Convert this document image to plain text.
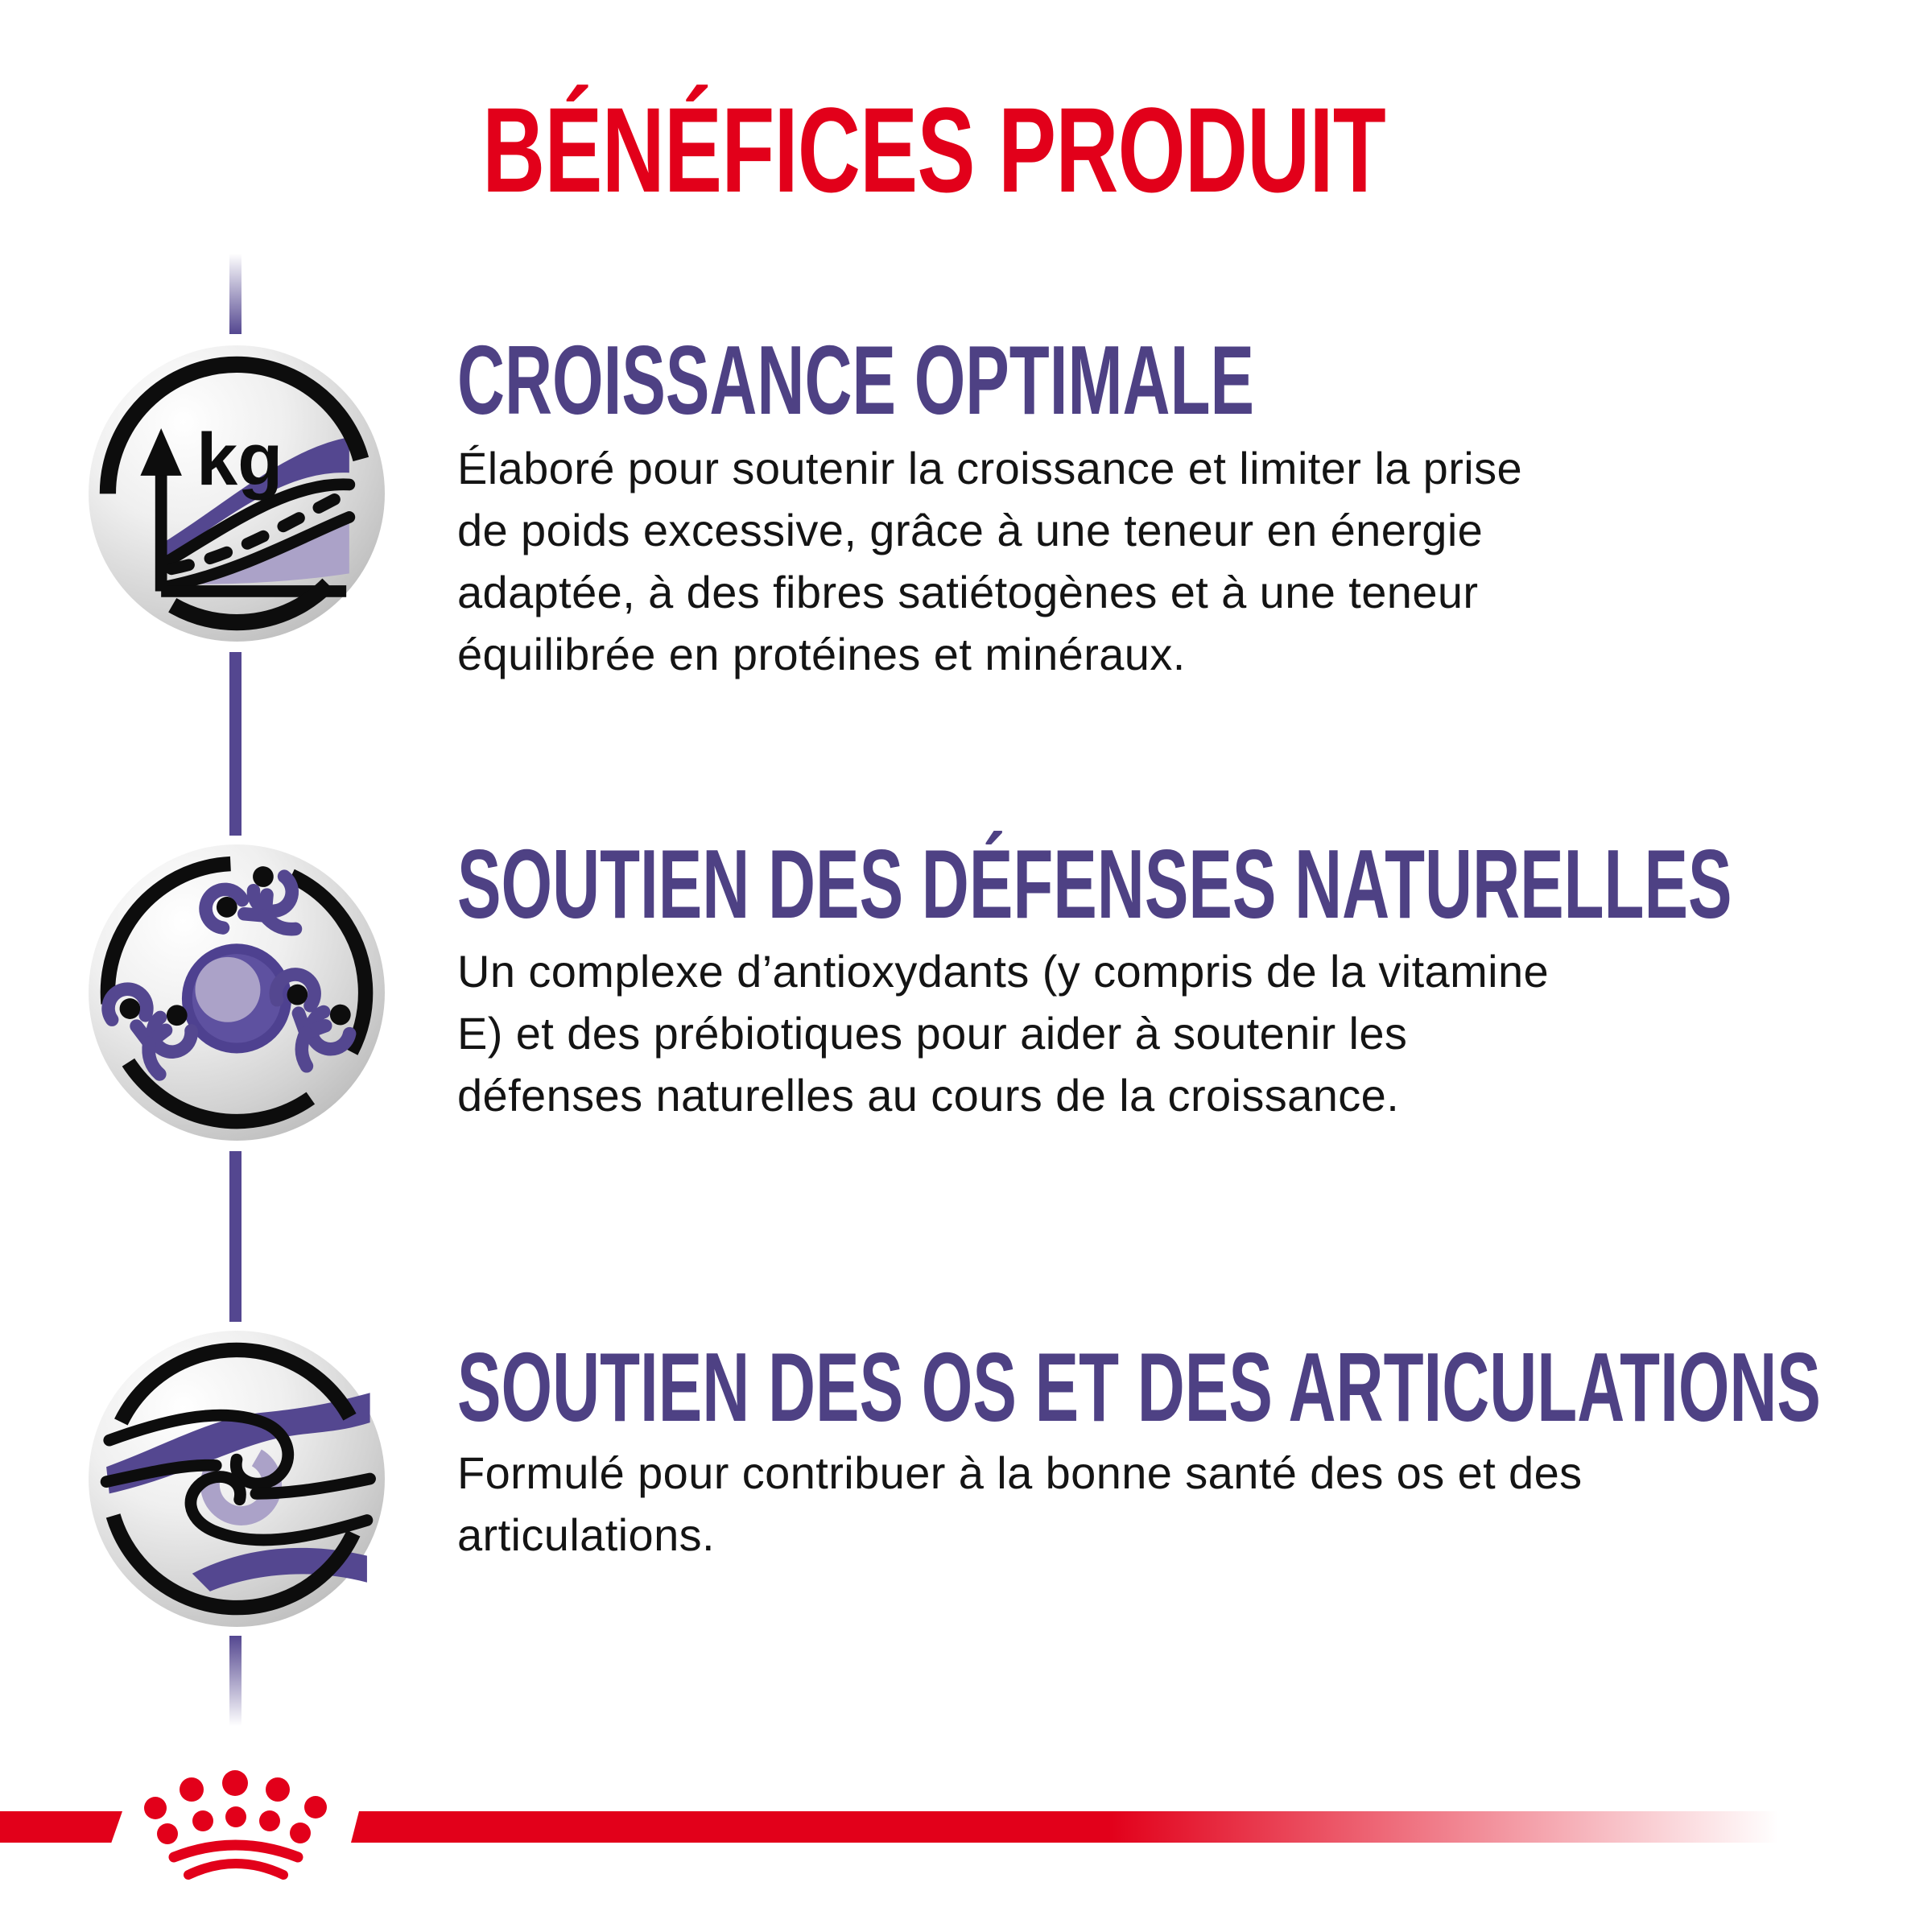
BÉNÉFICES PRODUIT
kg
CROISSANCE OPTIMALE

Élaboré pour soutenir la croissance et limiter la prise
de poids excessive, grâce à une teneur en énergie
adaptée, à des fibres satiétogènes et à une teneur
équilibrée en protéines et minéraux.

SOUTIEN DES DÉFENSES NATURELLES

Un complexe d’antioxydants (y compris de la vitamine
E) et des prébiotiques pour aider à soutenir les
défenses naturelles au cours de la croissance.

SOUTIEN DES OS ET DES ARTICULATIONS

Formulé pour contribuer à la bonne santé des os et des
articulations.
